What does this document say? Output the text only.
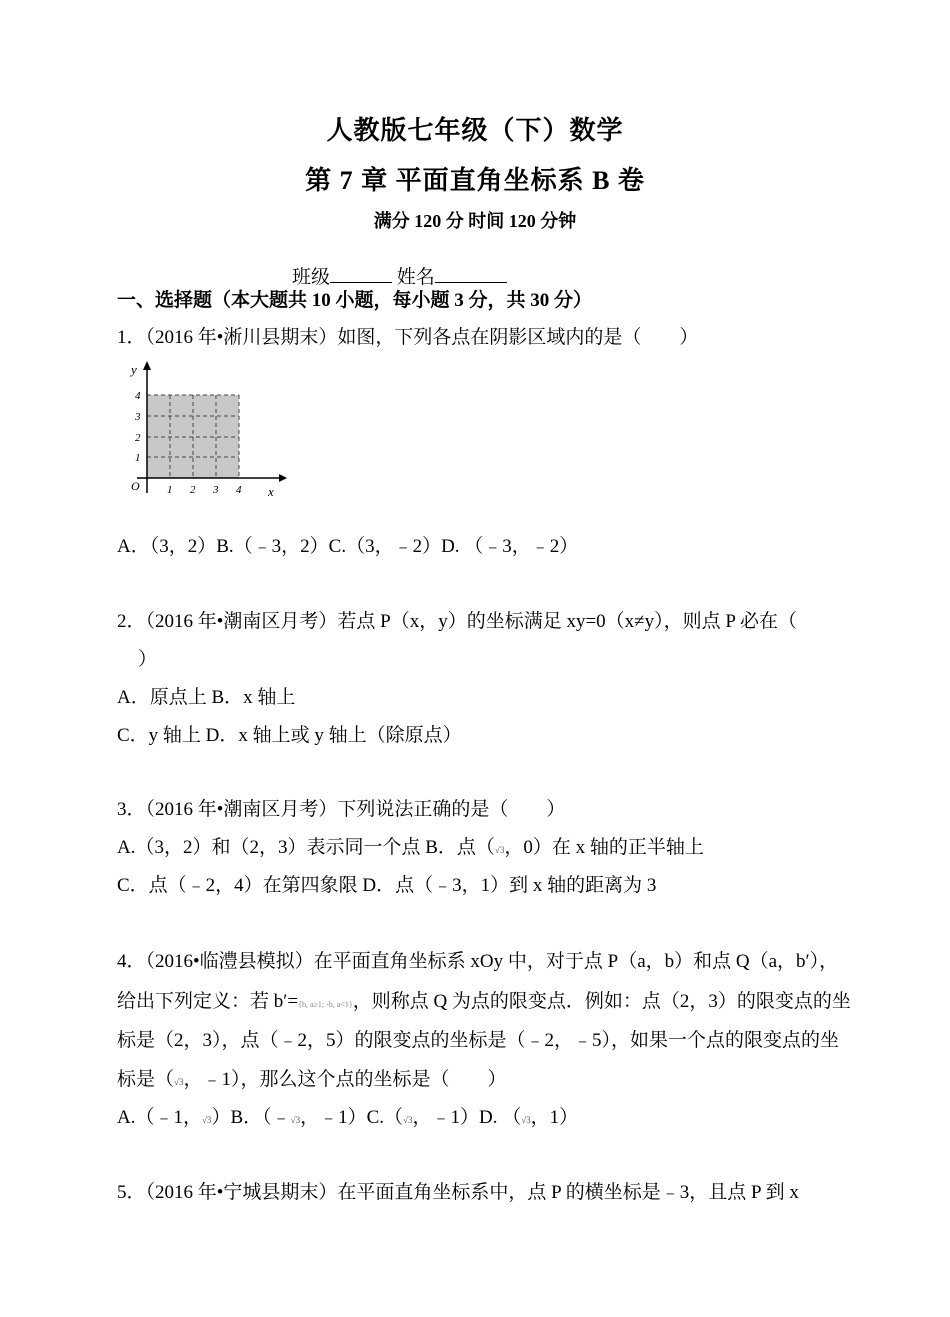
人教版七年级（下）数学
第 7 章 平面直角坐标系 B 卷
满分 120 分 时间 120 分钟
班级	姓名
一、选择题（本大题共 10 小题，每小题 3 分，共 30 分）
1．（2016 年•淅川县期末）如图，下列各点在阴影区域内的是（　　）
y
x
O 1 2 3 4
1
2
3
4
A．（3，2）B.（﹣3，2）C.（3，﹣2）D. （﹣3，﹣2）
2．（2016 年•潮南区月考）若点 P（x，y）的坐标满足 xy=0（x≠y），则点 P 必在（
）
A．原点上 B．x 轴上
C．y 轴上 D．x 轴上或 y 轴上（除原点）
3．（2016 年•潮南区月考）下列说法正确的是（　　）
A.（3，2）和（2，3）表示同一个点 B．点（√3，0）在 x 轴的正半轴上
C．点（﹣2，4）在第四象限 D．点（﹣3，1）到 x 轴的距离为 3
4．（2016•临澧县模拟）在平面直角坐标系 xOy 中，对于点 P（a，b）和点 Q（a，b′），
给出下列定义：若 b′={b, a≥1; -b, a<1}，则称点 Q 为点的限变点．例如：点（2，3）的限变点的坐
标是（2，3），点（﹣2，5）的限变点的坐标是（﹣2，﹣5），如果一个点的限变点的坐
标是（√3，﹣1），那么这个点的坐标是（　　）
A.（﹣1，√3）B．（﹣√3，﹣1）C.（√3，﹣1）D. （√3，1）
5．（2016 年•宁城县期末）在平面直角坐标系中，点 P 的横坐标是﹣3，且点 P 到 x
